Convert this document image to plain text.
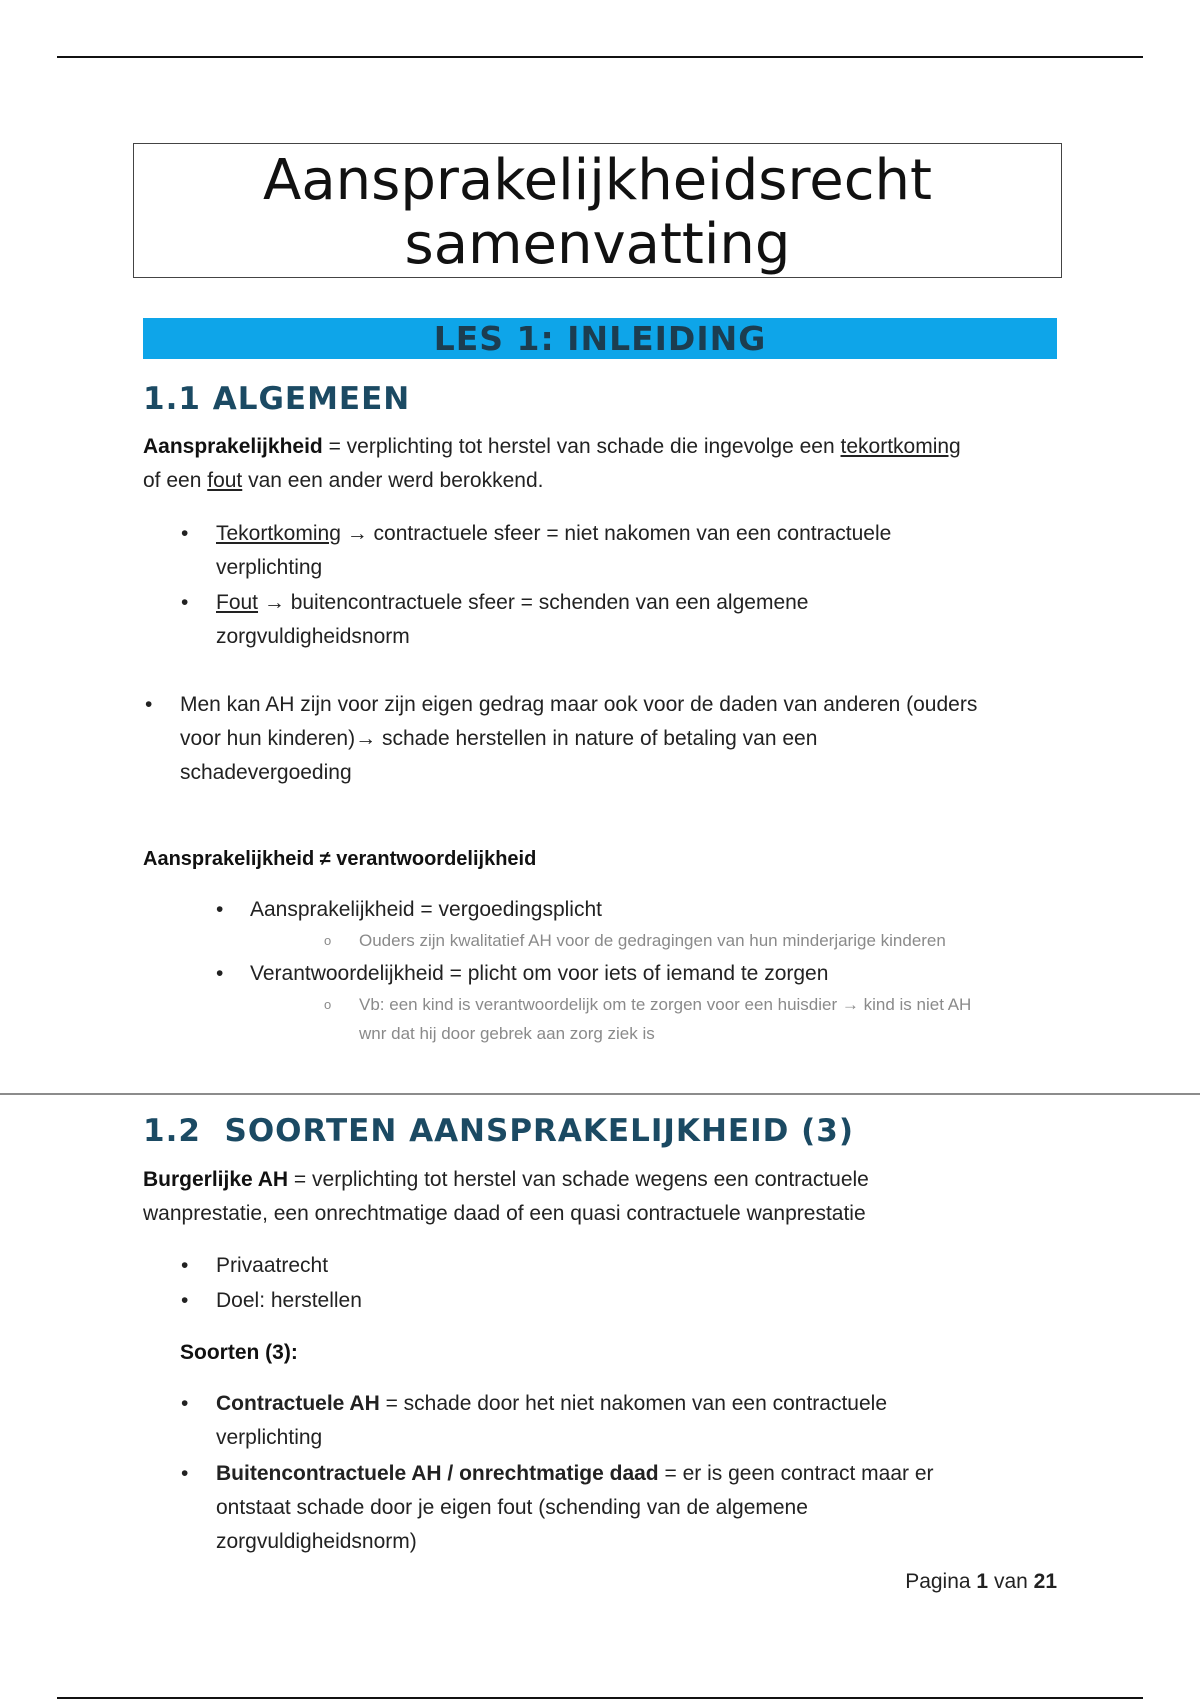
Aansprakelijkheidsrecht
samenvatting
LES 1: INLEIDING
1.1 ALGEMEEN
Aansprakelijkheid = verplichting tot herstel van schade die ingevolge een tekortkoming
of een fout van een ander werd berokkend.
• Tekortkoming → contractuele sfeer = niet nakomen van een contractuele
verplichting
• Fout → buitencontractuele sfeer = schenden van een algemene
zorgvuldigheidsnorm
• Men kan AH zijn voor zijn eigen gedrag maar ook voor de daden van anderen (ouders
voor hun kinderen)→ schade herstellen in nature of betaling van een
schadevergoeding
Aansprakelijkheid ≠ verantwoordelijkheid
• Aansprakelijkheid = vergoedingsplicht
o Ouders zijn kwalitatief AH voor de gedragingen van hun minderjarige kinderen
• Verantwoordelijkheid = plicht om voor iets of iemand te zorgen
o Vb: een kind is verantwoordelijk om te zorgen voor een huisdier → kind is niet AH
wnr dat hij door gebrek aan zorg ziek is
1.2  SOORTEN AANSPRAKELIJKHEID (3)
Burgerlijke AH = verplichting tot herstel van schade wegens een contractuele
wanprestatie, een onrechtmatige daad of een quasi contractuele wanprestatie
• Privaatrecht
• Doel: herstellen
Soorten (3):
• Contractuele AH = schade door het niet nakomen van een contractuele
verplichting
• Buitencontractuele AH / onrechtmatige daad = er is geen contract maar er
ontstaat schade door je eigen fout (schending van de algemene
zorgvuldigheidsnorm)
Pagina 1 van 21
